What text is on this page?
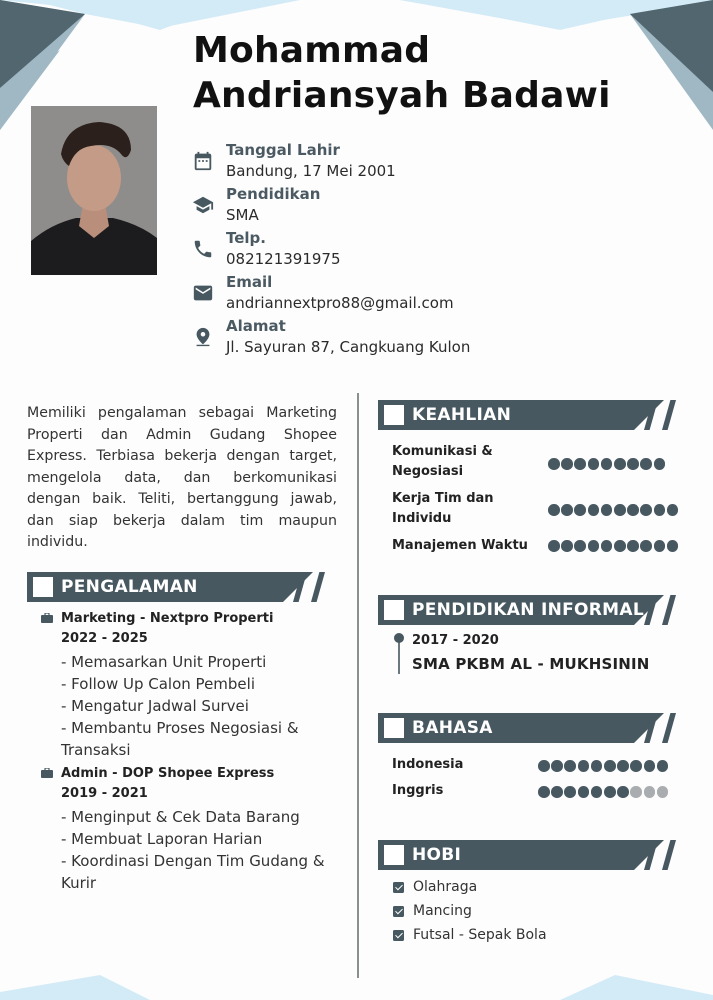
Mohammad
Andriansyah Badawi
Tanggal Lahir
Bandung, 17 Mei 2001
Pendidikan
SMA
Telp.
082121391975
Email
andriannextpro88@gmail.com
Alamat
Jl. Sayuran 87, Cangkuang Kulon

Memiliki pengalaman sebagai Marketing Properti dan Admin Gudang Shopee Express. Terbiasa bekerja dengan target, mengelola data, dan berkomunikasi dengan baik. Teliti, bertanggung jawab, dan siap bekerja dalam tim maupun individu.

PENGALAMAN
Marketing - Nextpro Properti
2022 - 2025
- Memasarkan Unit Properti
- Follow Up Calon Pembeli
- Mengatur Jadwal Survei
- Membantu Proses Negosiasi & Transaksi
Admin - DOP Shopee Express
2019 - 2021
- Menginput & Cek Data Barang
- Membuat Laporan Harian
- Koordinasi Dengan Tim Gudang & Kurir
KEAHLIAN
Komunikasi & Negosiasi
Kerja Tim dan Individu
Manajemen Waktu
PENDIDIKAN INFORMAL
2017 - 2020
SMA PKBM AL - MUKHSININ
BAHASA
Indonesia
Inggris
HOBI
Olahraga
Mancing
Futsal - Sepak Bola
